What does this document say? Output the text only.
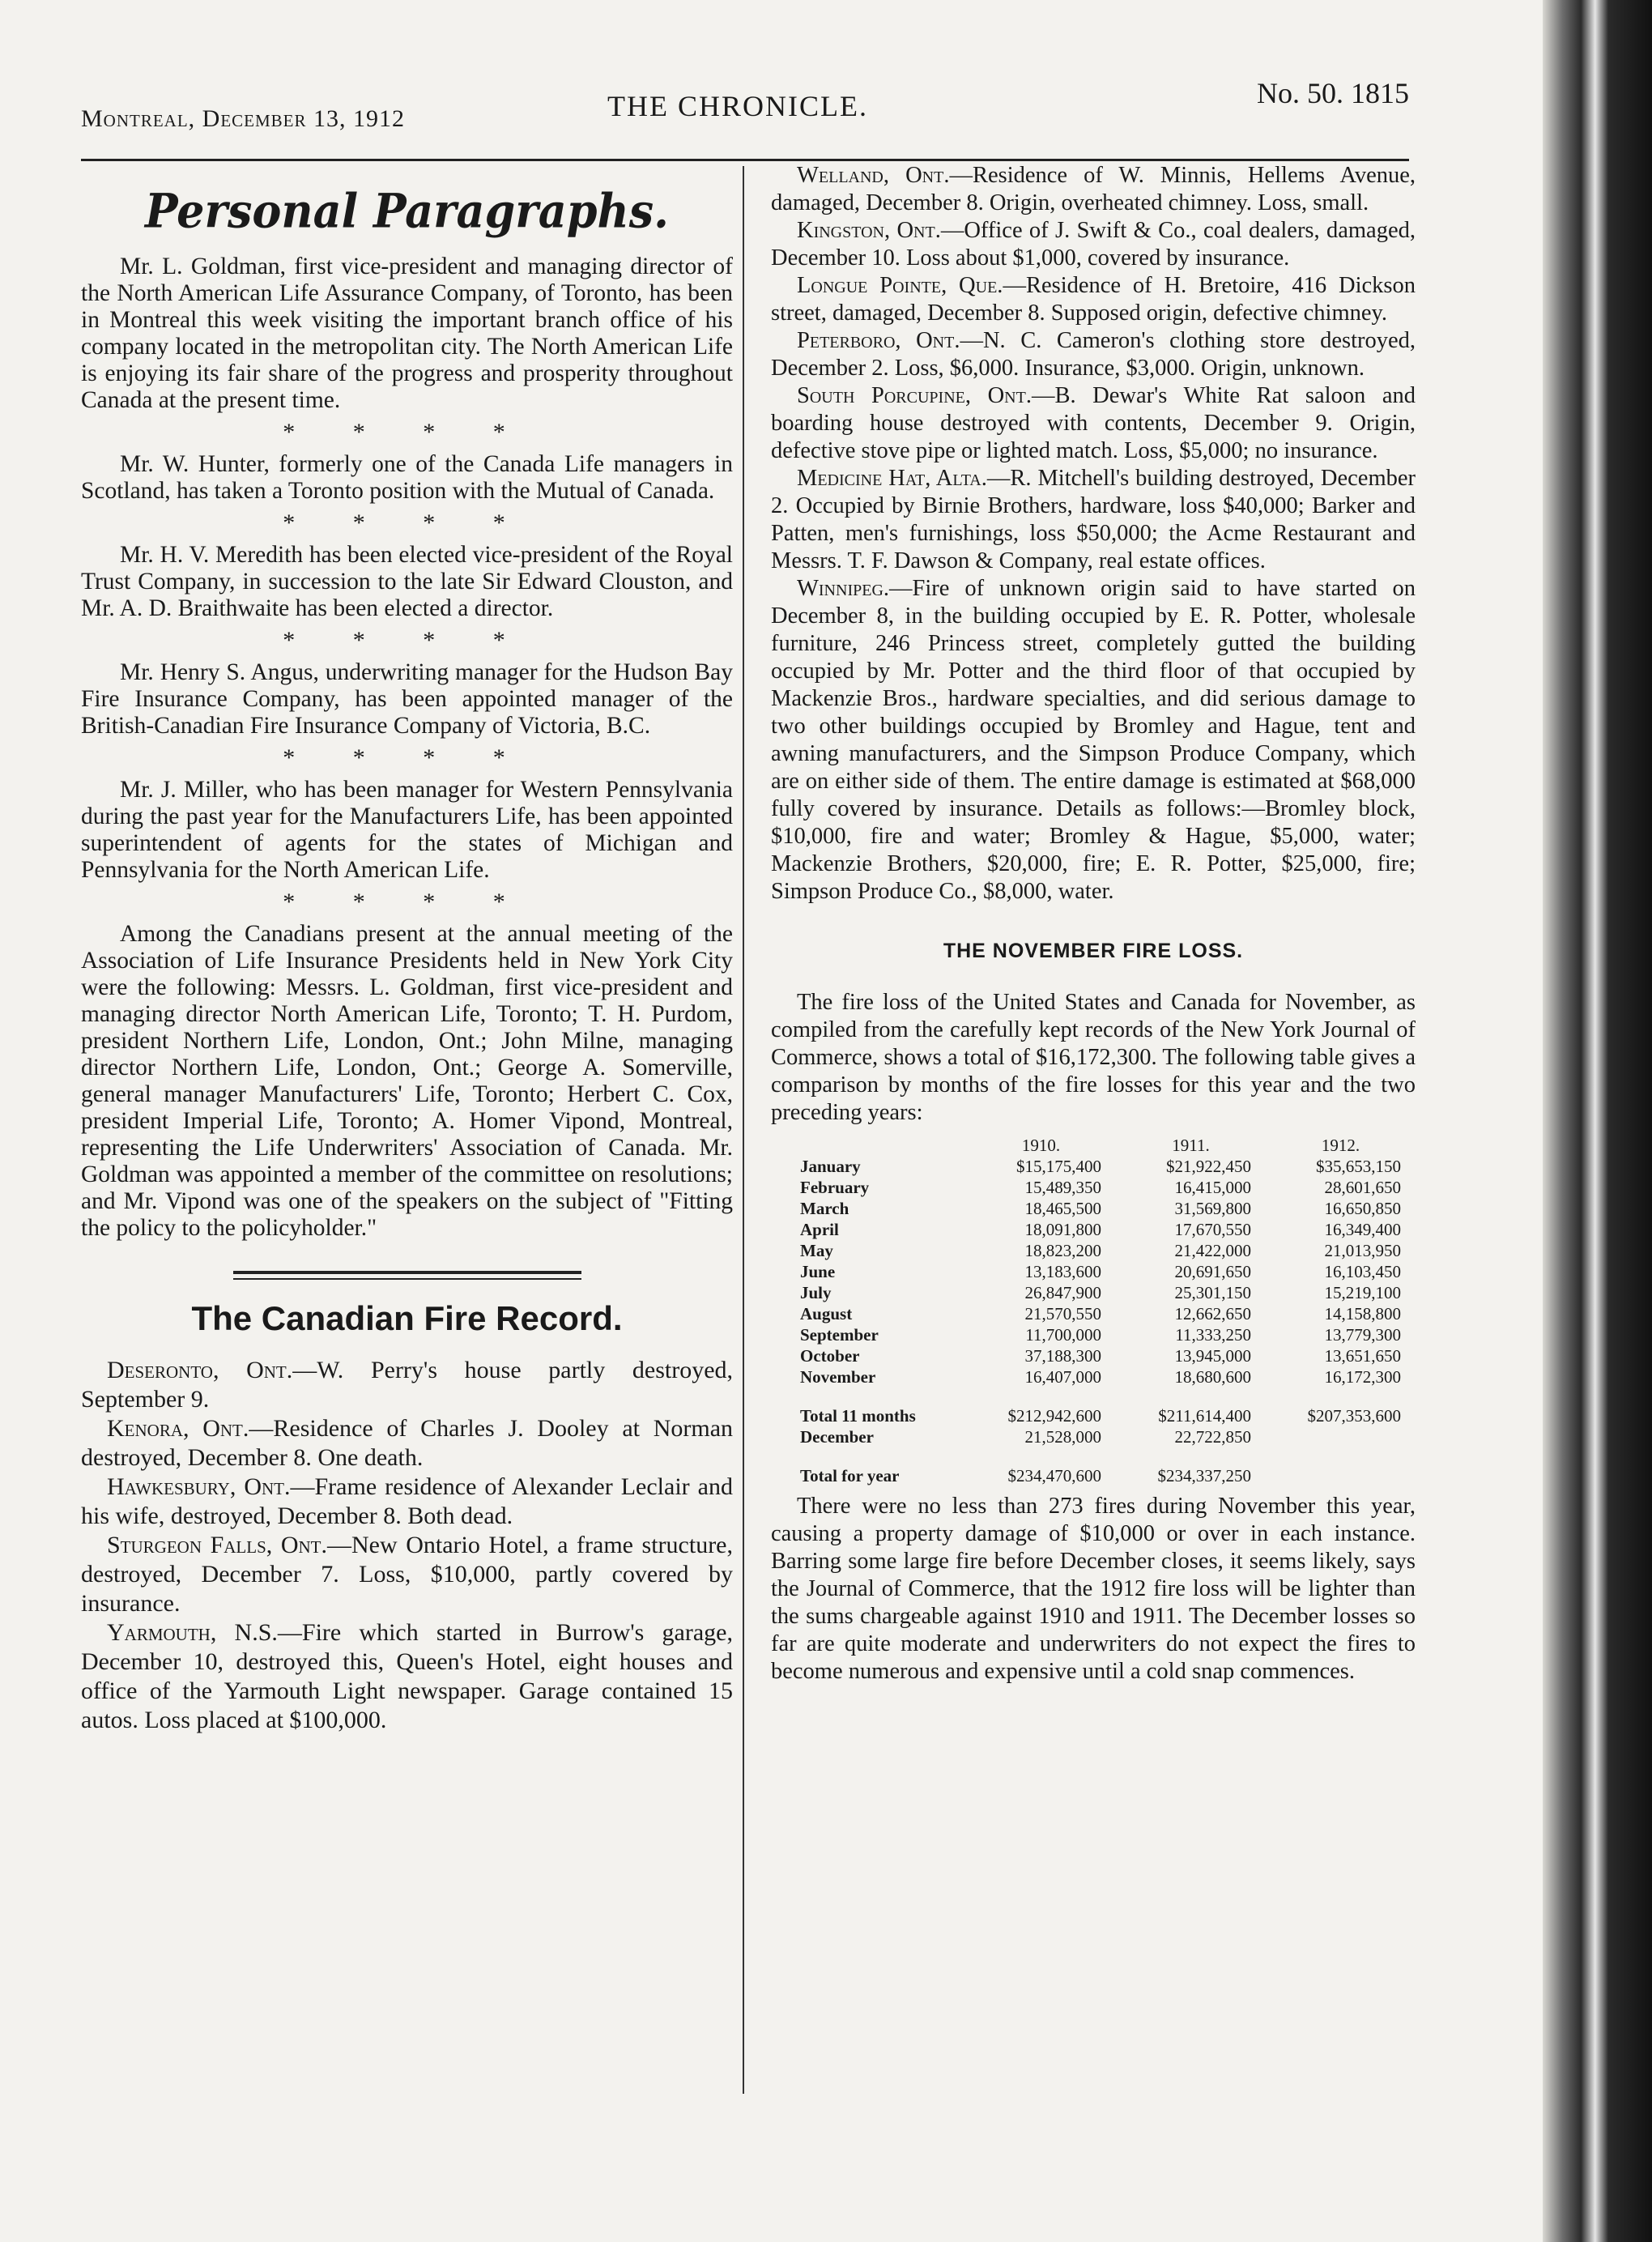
Montreal, December 13, 1912	THE CHRONICLE.	No. 50. 1815
Personal Paragraphs.

Mr. L. Goldman, first vice-president and managing director of the North American Life Assurance Company, of Toronto, has been in Montreal this week visiting the important branch office of his company located in the metropolitan city. The North American Life is enjoying its fair share of the progress and prosperity throughout Canada at the present time.

* * * *

Mr. W. Hunter, formerly one of the Canada Life managers in Scotland, has taken a Toronto position with the Mutual of Canada.

* * * *

Mr. H. V. Meredith has been elected vice-president of the Royal Trust Company, in succession to the late Sir Edward Clouston, and Mr. A. D. Braithwaite has been elected a director.

* * * *

Mr. Henry S. Angus, underwriting manager for the Hudson Bay Fire Insurance Company, has been appointed manager of the British-Canadian Fire Insurance Company of Victoria, B.C.

* * * *

Mr. J. Miller, who has been manager for Western Pennsylvania during the past year for the Manufacturers Life, has been appointed superintendent of agents for the states of Michigan and Pennsylvania for the North American Life.

* * * *

Among the Canadians present at the annual meeting of the Association of Life Insurance Presidents held in New York City were the following: Messrs. L. Goldman, first vice-president and managing director North American Life, Toronto; T. H. Purdom, president Northern Life, London, Ont.; John Milne, managing director Northern Life, London, Ont.; George A. Somerville, general manager Manufacturers' Life, Toronto; Herbert C. Cox, president Imperial Life, Toronto; A. Homer Vipond, Montreal, representing the Life Underwriters' Association of Canada. Mr. Goldman was appointed a member of the committee on resolutions; and Mr. Vipond was one of the speakers on the subject of "Fitting the policy to the policyholder."

The Canadian Fire Record.

Deseronto, Ont.—W. Perry's house partly destroyed, September 9.

Kenora, Ont.—Residence of Charles J. Dooley at Norman destroyed, December 8. One death.

Hawkesbury, Ont.—Frame residence of Alexander Leclair and his wife, destroyed, December 8. Both dead.

Sturgeon Falls, Ont.—New Ontario Hotel, a frame structure, destroyed, December 7. Loss, $10,000, partly covered by insurance.

Yarmouth, N.S.—Fire which started in Burrow's garage, December 10, destroyed this, Queen's Hotel, eight houses and office of the Yarmouth Light newspaper. Garage contained 15 autos. Loss placed at $100,000.

Welland, Ont.—Residence of W. Minnis, Hellems Avenue, damaged, December 8. Origin, overheated chimney. Loss, small.

Kingston, Ont.—Office of J. Swift & Co., coal dealers, damaged, December 10. Loss about $1,000, covered by insurance.

Longue Pointe, Que.—Residence of H. Bretoire, 416 Dickson street, damaged, December 8. Supposed origin, defective chimney.

Peterboro, Ont.—N. C. Cameron's clothing store destroyed, December 2. Loss, $6,000. Insurance, $3,000. Origin, unknown.

South Porcupine, Ont.—B. Dewar's White Rat saloon and boarding house destroyed with contents, December 9. Origin, defective stove pipe or lighted match. Loss, $5,000; no insurance.

Medicine Hat, Alta.—R. Mitchell's building destroyed, December 2. Occupied by Birnie Brothers, hardware, loss $40,000; Barker and Patten, men's furnishings, loss $50,000; the Acme Restaurant and Messrs. T. F. Dawson & Company, real estate offices.

Winnipeg.—Fire of unknown origin said to have started on December 8, in the building occupied by E. R. Potter, wholesale furniture, 246 Princess street, completely gutted the building occupied by Mr. Potter and the third floor of that occupied by Mackenzie Bros., hardware specialties, and did serious damage to two other buildings occupied by Bromley and Hague, tent and awning manufacturers, and the Simpson Produce Company, which are on either side of them. The entire damage is estimated at $68,000 fully covered by insurance. Details as follows:—Bromley block, $10,000, fire and water; Bromley & Hague, $5,000, water; Mackenzie Brothers, $20,000, fire; E. R. Potter, $25,000, fire; Simpson Produce Co., $8,000, water.

THE NOVEMBER FIRE LOSS.

The fire loss of the United States and Canada for November, as compiled from the carefully kept records of the New York Journal of Commerce, shows a total of $16,172,300. The following table gives a comparison by months of the fire losses for this year and the two preceding years:

	1910.	1911.	1912.
January	$15,175,400	$21,922,450	$35,653,150
February	15,489,350	16,415,000	28,601,650
March	18,465,500	31,569,800	16,650,850
April	18,091,800	17,670,550	16,349,400
May	18,823,200	21,422,000	21,013,950
June	13,183,600	20,691,650	16,103,450
July	26,847,900	25,301,150	15,219,100
August	21,570,550	12,662,650	14,158,800
September	11,700,000	11,333,250	13,779,300
October	37,188,300	13,945,000	13,651,650
November	16,407,000	18,680,600	16,172,300
Total 11 months	$212,942,600	$211,614,400	$207,353,600
December	21,528,000	22,722,850	
Total for year	$234,470,600	$234,337,250	

There were no less than 273 fires during November this year, causing a property damage of $10,000 or over in each instance. Barring some large fire before December closes, it seems likely, says the Journal of Commerce, that the 1912 fire loss will be lighter than the sums chargeable against 1910 and 1911. The December losses so far are quite moderate and underwriters do not expect the fires to become numerous and expensive until a cold snap commences.
